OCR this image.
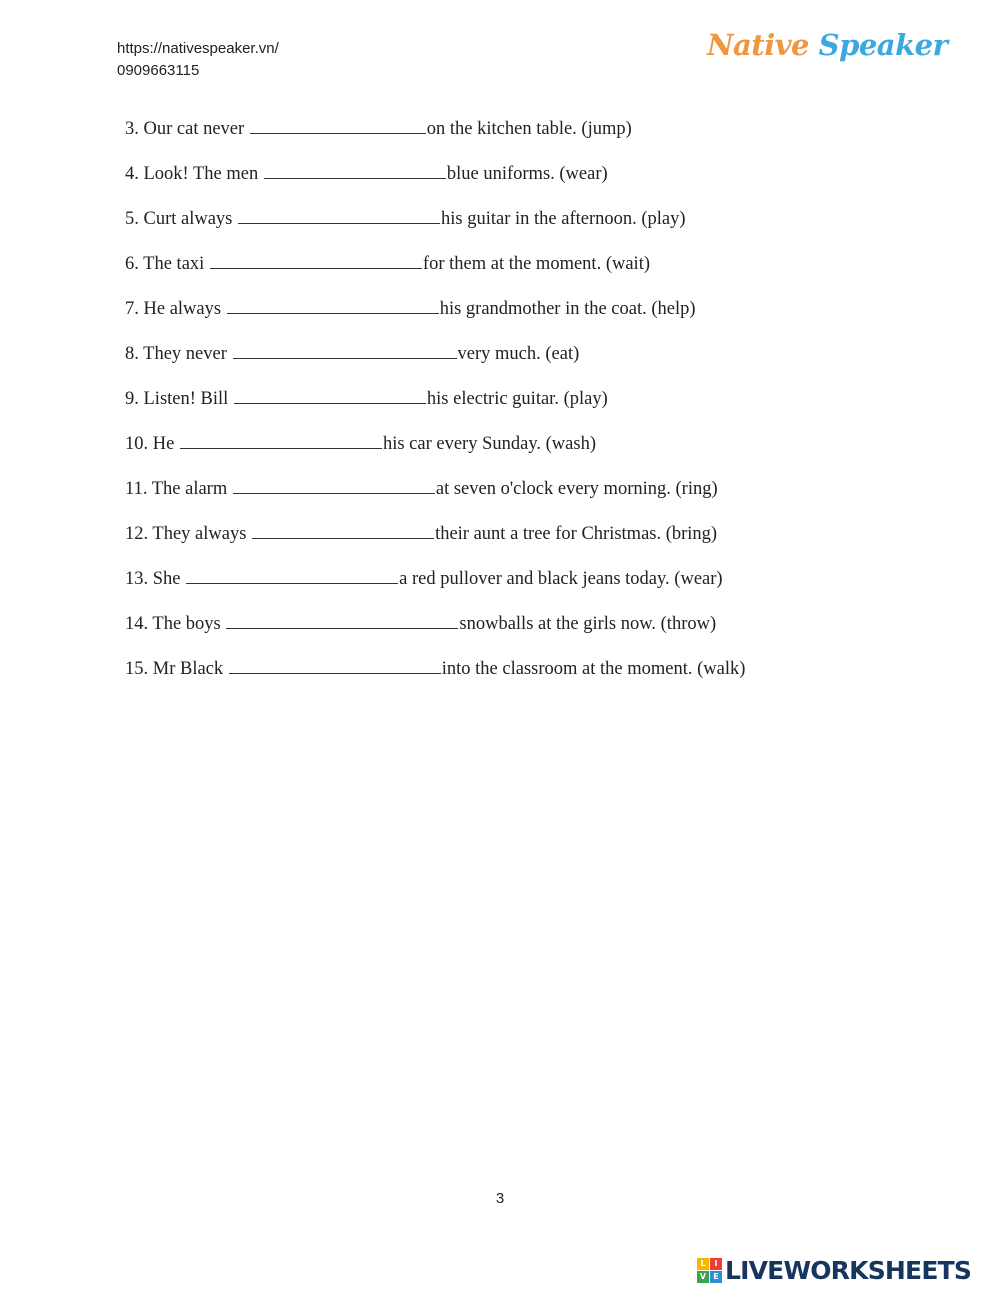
https://nativespeaker.vn/
0909663115
Native Speaker
3. Our cat never	on the kitchen table. (jump)
4. Look! The men	blue uniforms. (wear)
5. Curt always	his guitar in the afternoon. (play)
6. The taxi	for them at the moment. (wait)
7. He always	his grandmother in the coat. (help)
8. They never	very much. (eat)
9. Listen! Bill	his electric guitar. (play)
10. He	his car every Sunday. (wash)
11. The alarm	at seven o'clock every morning. (ring)
12. They always	their aunt a tree for Christmas. (bring)
13. She	a red pullover and black jeans today. (wear)
14. The boys	snowballs at the girls now. (throw)
15. Mr Black	into the classroom at the moment. (walk)
3
L	I
V E LIVEWORKSHEETS
